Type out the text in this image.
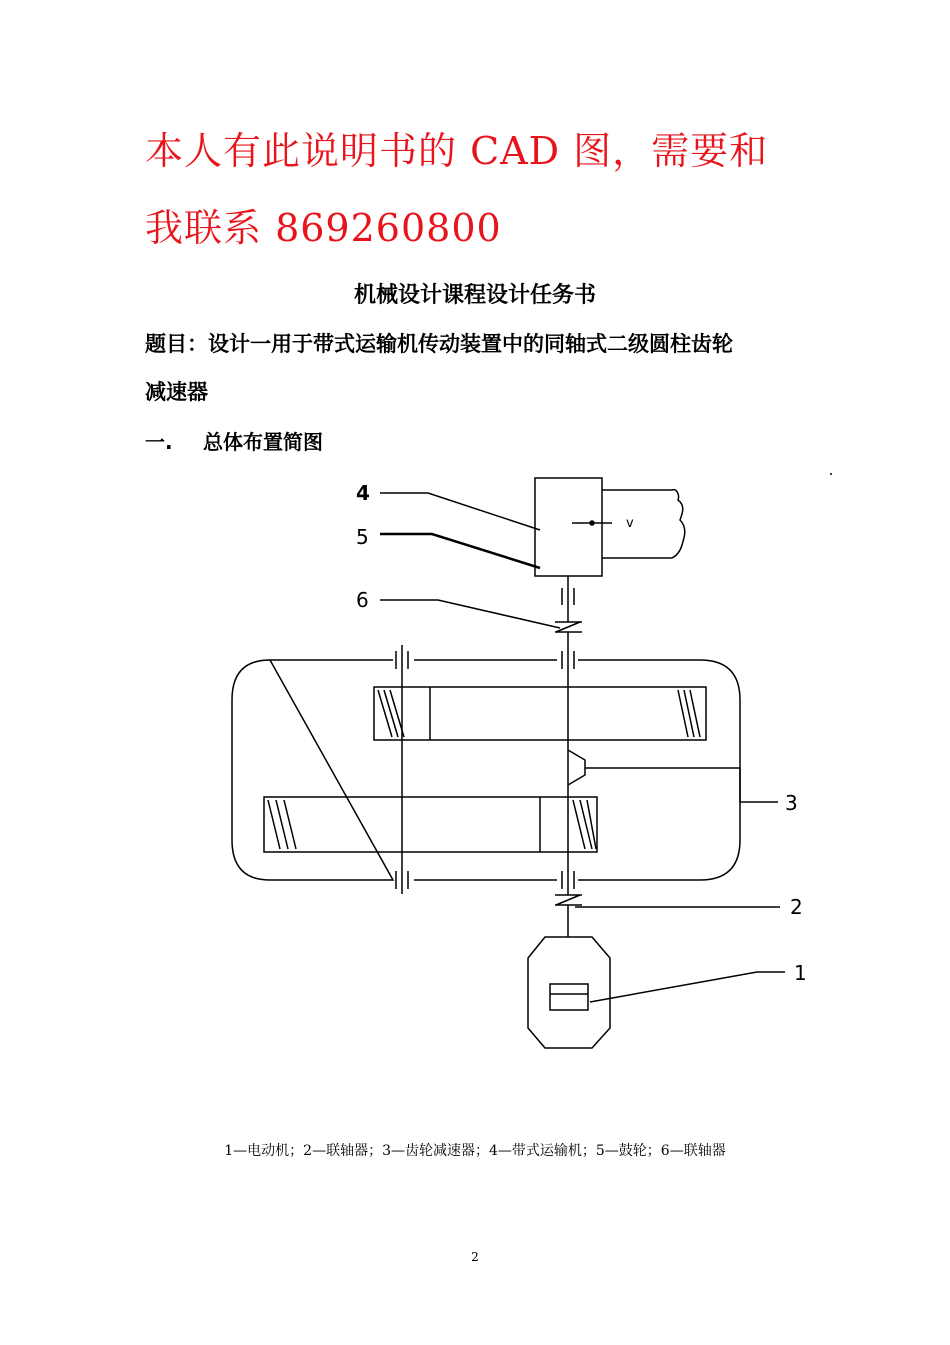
本人有此说明书的 CAD 图，需要和
我联系 869260800
机械设计课程设计任务书
题目：设计一用于带式运输机传动装置中的同轴式二级圆柱齿轮
减速器
一. 总体布置简图
4
5
6
3
2
1
v
1—电动机；2—联轴器；3—齿轮减速器；4—带式运输机；5—鼓轮；6—联轴器
2
